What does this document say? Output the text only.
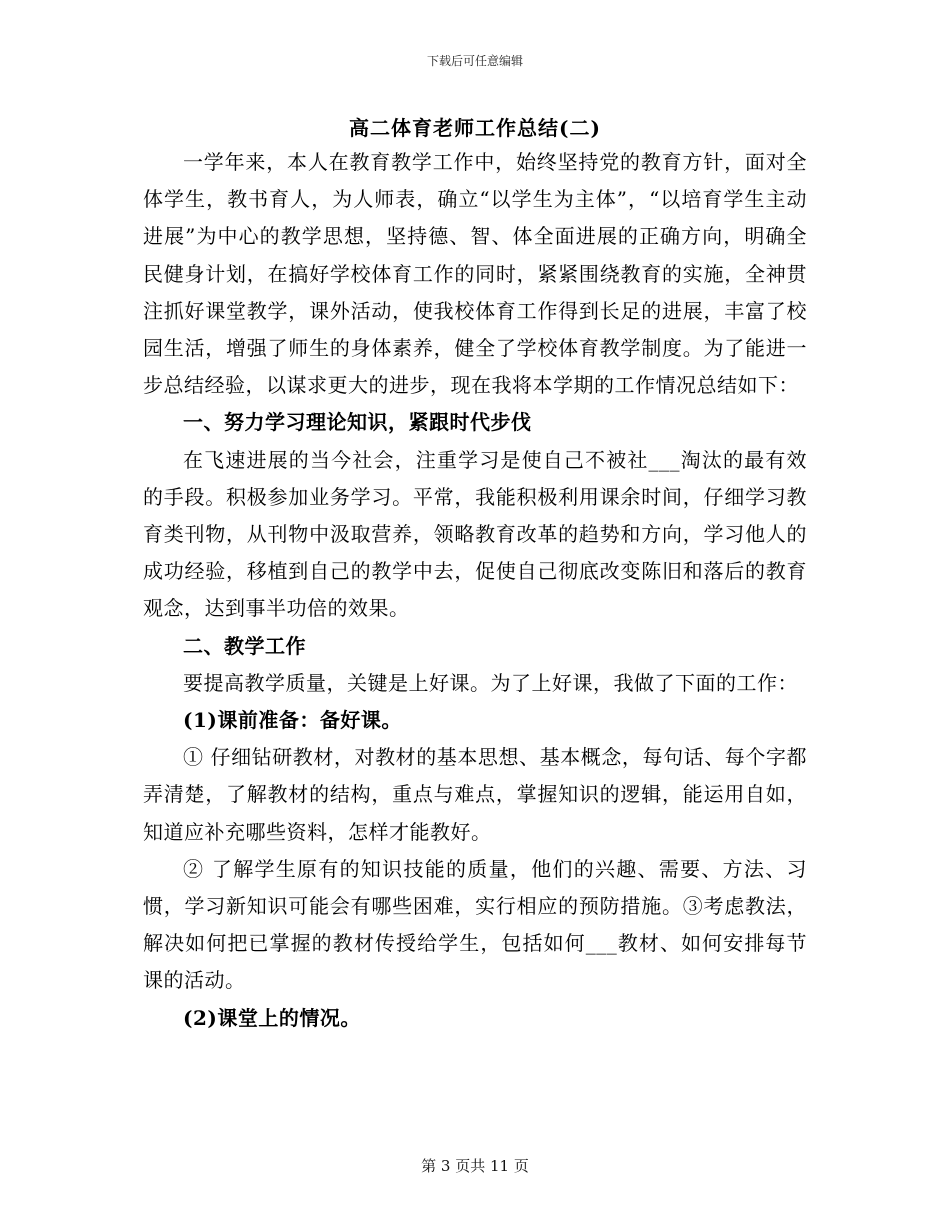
下载后可任意编辑
高二体育老师工作总结(二)

一学年来，本人在教育教学工作中，始终坚持党的教育方针，面对全体学生，教书育人，为人师表，确立“以学生为主体”，“以培育学生主动进展”为中心的教学思想，坚持德、智、体全面进展的正确方向，明确全民健身计划，在搞好学校体育工作的同时，紧紧围绕教育的实施，全神贯注抓好课堂教学，课外活动，使我校体育工作得到长足的进展，丰富了校园生活，增强了师生的身体素养，健全了学校体育教学制度。为了能进一步总结经验，以谋求更大的进步，现在我将本学期的工作情况总结如下：

一、努力学习理论知识，紧跟时代步伐

在飞速进展的当今社会，注重学习是使自己不被社___淘汰的最有效的手段。积极参加业务学习。平常，我能积极利用课余时间，仔细学习教育类刊物，从刊物中汲取营养，领略教育改革的趋势和方向，学习他人的成功经验，移植到自己的教学中去，促使自己彻底改变陈旧和落后的教育观念，达到事半功倍的效果。

二、教学工作

要提高教学质量，关键是上好课。为了上好课，我做了下面的工作：

(1)课前准备：备好课。

① 仔细钻研教材，对教材的基本思想、基本概念，每句话、每个字都弄清楚，了解教材的结构，重点与难点，掌握知识的逻辑，能运用自如，知道应补充哪些资料，怎样才能教好。

② 了解学生原有的知识技能的质量，他们的兴趣、需要、方法、习惯，学习新知识可能会有哪些困难，实行相应的预防措施。③考虑教法，解决如何把已掌握的教材传授给学生，包括如何___教材、如何安排每节课的活动。

(2)课堂上的情况。

第 3 页共 11 页
